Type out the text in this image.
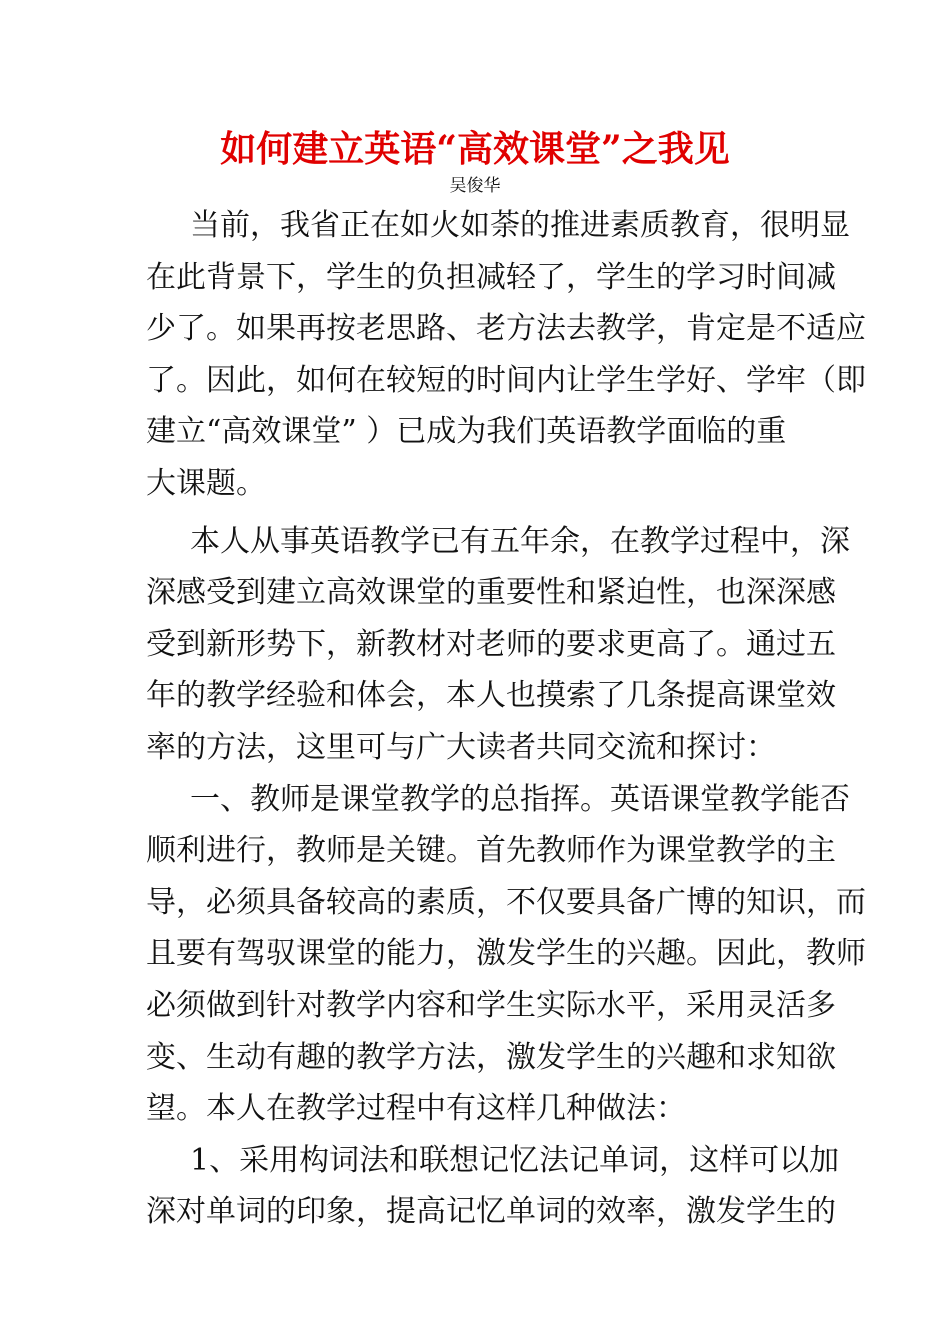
如何建立英语“高效课堂”之我见
吴俊华
当前，我省正在如火如荼的推进素质教育，很明显
在此背景下，学生的负担减轻了，学生的学习时间减
少了。如果再按老思路、老方法去教学，肯定是不适应
了。因此，如何在较短的时间内让学生学好、学牢（即
建立“高效课堂” ）已成为我们英语教学面临的重
大课题。
本人从事英语教学已有五年余，在教学过程中，深
深感受到建立高效课堂的重要性和紧迫性，也深深感
受到新形势下，新教材对老师的要求更高了。通过五
年的教学经验和体会，本人也摸索了几条提高课堂效
率的方法，这里可与广大读者共同交流和探讨：
一、教师是课堂教学的总指挥。英语课堂教学能否
顺利进行，教师是关键。首先教师作为课堂教学的主
导，必须具备较高的素质，不仅要具备广博的知识，而
且要有驾驭课堂的能力，激发学生的兴趣。因此，教师
必须做到针对教学内容和学生实际水平，采用灵活多
变、生动有趣的教学方法，激发学生的兴趣和求知欲
望。本人在教学过程中有这样几种做法：
1、采用构词法和联想记忆法记单词，这样可以加
深对单词的印象，提高记忆单词的效率，激发学生的
